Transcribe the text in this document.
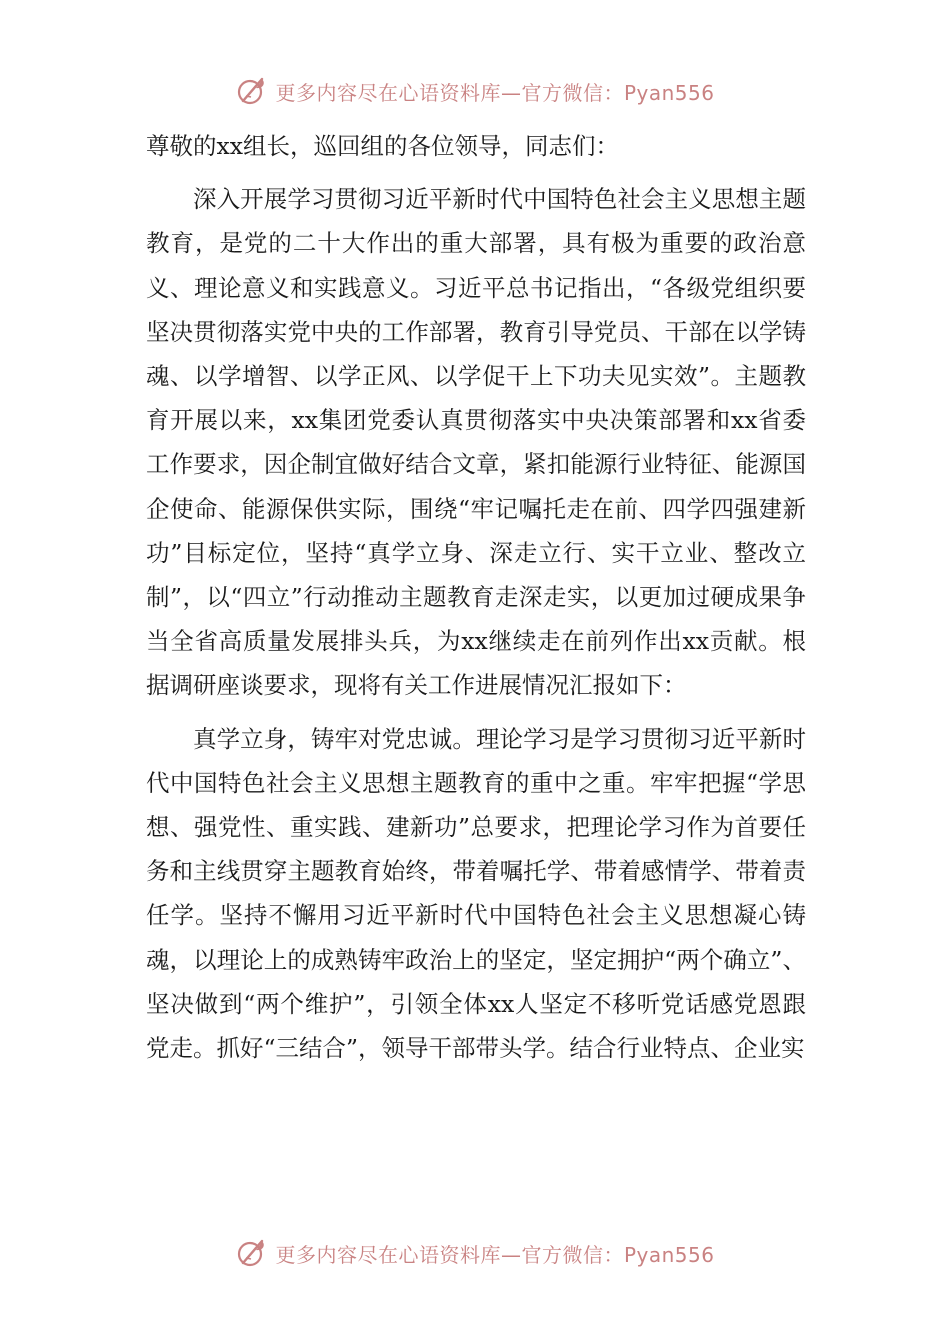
更多内容尽在心语资料库—官方微信：Pyan556

尊敬的xx组长，巡回组的各位领导，同志们：

深入开展学习贯彻习近平新时代中国特色社会主义思想主题教育，是党的二十大作出的重大部署，具有极为重要的政治意义、理论意义和实践意义。习近平总书记指出，“各级党组织要坚决贯彻落实党中央的工作部署，教育引导党员、干部在以学铸魂、以学增智、以学正风、以学促干上下功夫见实效”。主题教育开展以来，xx集团党委认真贯彻落实中央决策部署和xx省委工作要求，因企制宜做好结合文章，紧扣能源行业特征、能源国企使命、能源保供实际，围绕“牢记嘱托走在前、四学四强建新功”目标定位，坚持“真学立身、深走立行、实干立业、整改立制”，以“四立”行动推动主题教育走深走实，以更加过硬成果争当全省高质量发展排头兵，为xx继续走在前列作出xx贡献。根据调研座谈要求，现将有关工作进展情况汇报如下：

真学立身，铸牢对党忠诚。理论学习是学习贯彻习近平新时代中国特色社会主义思想主题教育的重中之重。牢牢把握“学思想、强党性、重实践、建新功”总要求，把理论学习作为首要任务和主线贯穿主题教育始终，带着嘱托学、带着感情学、带着责任学。坚持不懈用习近平新时代中国特色社会主义思想凝心铸魂，以理论上的成熟铸牢政治上的坚定，坚定拥护“两个确立”、坚决做到“两个维护”，引领全体xx人坚定不移听党话感党恩跟党走。抓好“三结合”，领导干部带头学。结合行业特点、企业实

更多内容尽在心语资料库—官方微信：Pyan556
